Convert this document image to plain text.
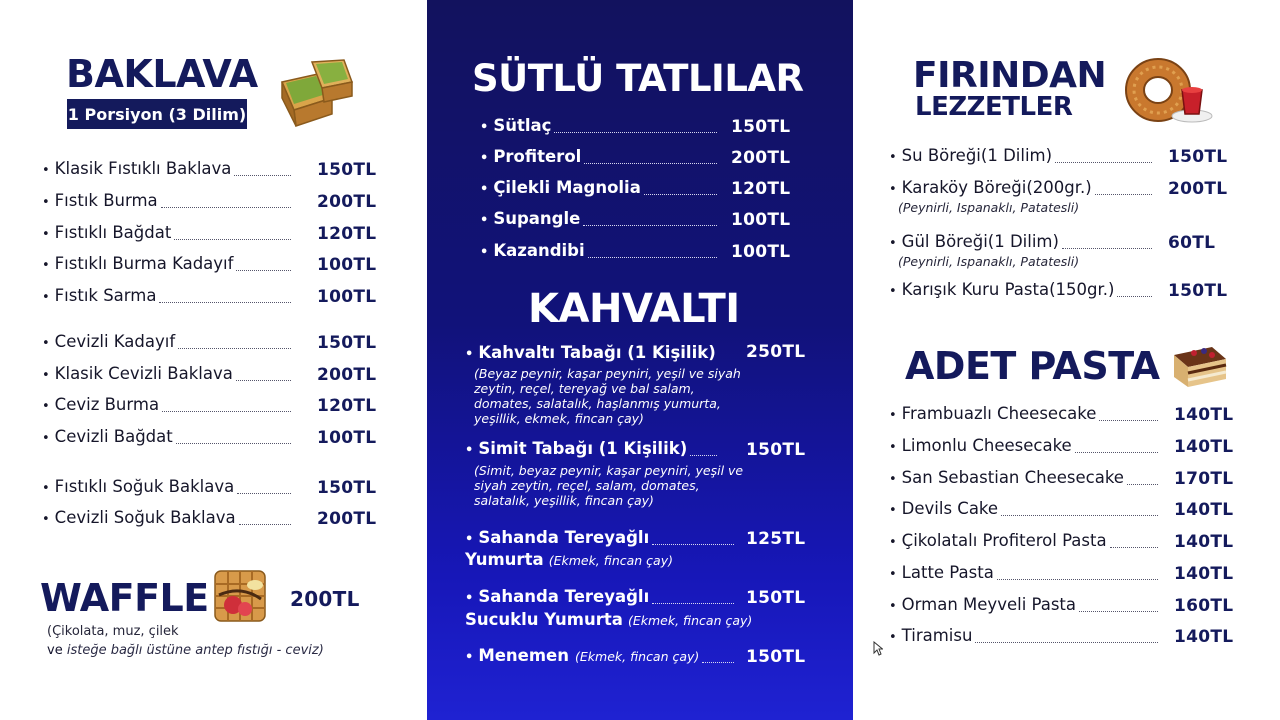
BAKLAVA
1 Porsiyon (3 Dilim)
• Klasik Fıstıklı Baklava	150TL
• Fıstık Burma	200TL
• Fıstıklı Bağdat	120TL
• Fıstıklı Burma Kadayıf	100TL
• Fıstık Sarma	100TL
• Cevizli Kadayıf	150TL
• Klasik Cevizli Baklava	200TL
• Ceviz Burma	120TL
• Cevizli Bağdat	100TL
• Fıstıklı Soğuk Baklava	150TL
• Cevizli Soğuk Baklava	200TL
WAFFLE	200TL
(Çikolata, muz, çilek
ve isteğe bağlı üstüne antep fıstığı - ceviz)
SÜTLÜ TATLILAR
• Sütlaç	150TL
• Profiterol	200TL
• Çilekli Magnolia	120TL
• Supangle	100TL
• Kazandibi	100TL
KAHVALTI
• Kahvaltı Tabağı (1 Kişilik) 250TL
(Beyaz peynir, kaşar peyniri, yeşil ve siyah zeytin, reçel, tereyağ ve bal salam, domates, salatalık, haşlanmış yumurta, yeşillik, ekmek, fincan çay)
• Simit Tabağı (1 Kişilik)	150TL
(Simit, beyaz peynir, kaşar peyniri, yeşil ve siyah zeytin, reçel, salam, domates, salatalık, yeşillik, fincan çay)
• Sahanda Tereyağlı
Yumurta (Ekmek, fincan çay)
125TL
• Sahanda Tereyağlı
Sucuklu Yumurta (Ekmek, fincan çay)
150TL
• Menemen (Ekmek, fincan çay)	150TL
FIRINDAN
LEZZETLER
• Su Böreği (1 Dilim)	150TL
• Karaköy Böreği (200gr.)	200TL
(Peynirli, Ispanaklı, Patatesli)
• Gül Böreği (1 Dilim)	60TL
(Peynirli, Ispanaklı, Patatesli)
• Karışık Kuru Pasta (150gr.)	150TL
ADET PASTA
• Frambuazlı Cheesecake	140TL
• Limonlu Cheesecake	140TL
• San Sebastian Cheesecake	170TL
• Devils Cake	140TL
• Çikolatalı Profiterol Pasta	140TL
• Latte Pasta	140TL
• Orman Meyveli Pasta	160TL
• Tiramisu	140TL
